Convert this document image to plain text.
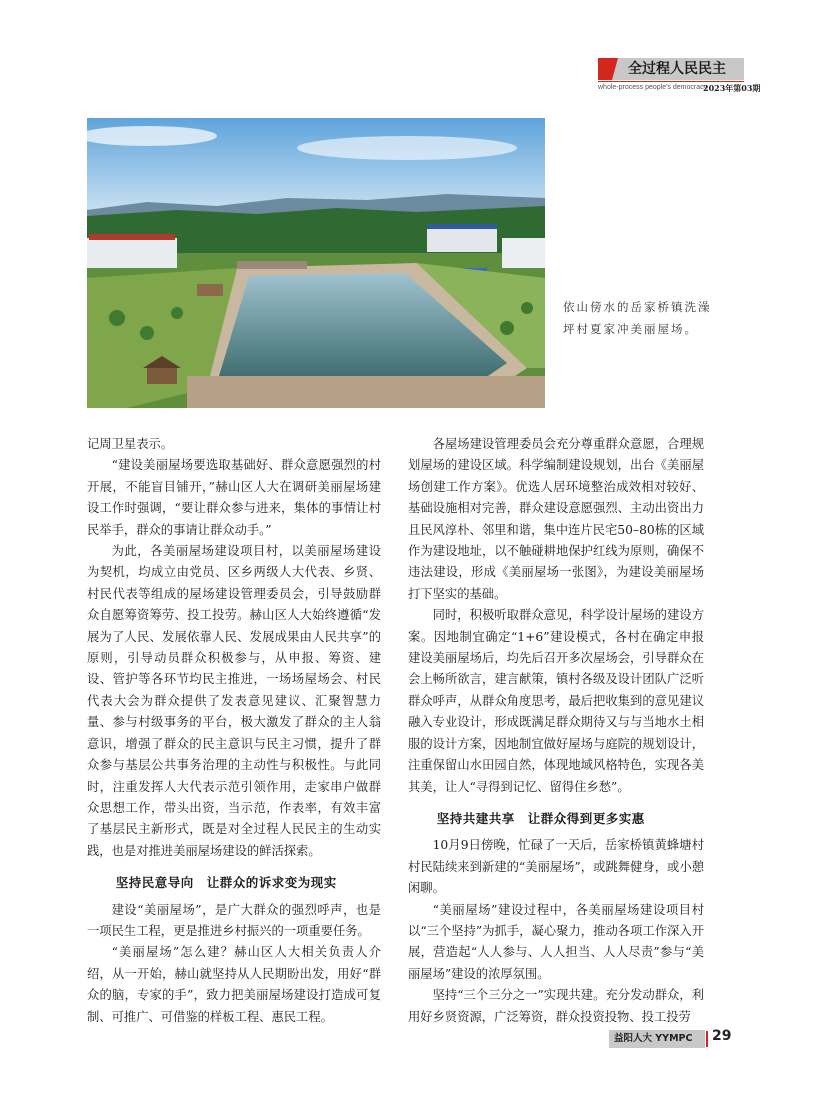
全过程人民民主
whole-process people's democracy
2023年第03期
依山傍水的岳家桥镇洗澡坪村夏家冲美丽屋场。

记周卫星表示。

“建设美丽屋场要选取基础好、群众意愿强烈的村开展，不能盲目铺开，”赫山区人大在调研美丽屋场建设工作时强调，“要让群众参与进来，集体的事情让村民举手，群众的事请让群众动手。”

为此，各美丽屋场建设项目村，以美丽屋场建设为契机，均成立由党员、区乡两级人大代表、乡贤、村民代表等组成的屋场建设管理委员会，引导鼓励群众自愿筹资筹劳、投工投劳。赫山区人大始终遵循“发展为了人民、发展依靠人民、发展成果由人民共享”的原则，引导动员群众积极参与，从申报、筹资、建设、管护等各环节均民主推进，一场场屋场会、村民代表大会为群众提供了发表意见建议、汇聚智慧力量、参与村级事务的平台，极大激发了群众的主人翁意识，增强了群众的民主意识与民主习惯，提升了群众参与基层公共事务治理的主动性与积极性。与此同时，注重发挥人大代表示范引领作用，走家串户做群众思想工作，带头出资，当示范，作表率，有效丰富了基层民主新形式，既是对全过程人民民主的生动实践，也是对推进美丽屋场建设的鲜活探索。

坚持民意导向　让群众的诉求变为现实

建设“美丽屋场”，是广大群众的强烈呼声，也是一项民生工程，更是推进乡村振兴的一项重要任务。

“美丽屋场”怎么建？赫山区人大相关负责人介绍，从一开始，赫山就坚持从人民期盼出发，用好“群众的脑，专家的手”，致力把美丽屋场建设打造成可复制、可推广、可借鉴的样板工程、惠民工程。

各屋场建设管理委员会充分尊重群众意愿，合理规划屋场的建设区域。科学编制建设规划，出台《美丽屋场创建工作方案》。优选人居环境整治成效相对较好、基础设施相对完善，群众建设意愿强烈、主动出资出力且民风淳朴、邻里和谐，集中连片民宅50–80栋的区域作为建设地址，以不触碰耕地保护红线为原则，确保不违法建设，形成《美丽屋场一张图》，为建设美丽屋场打下坚实的基础。

同时，积极听取群众意见，科学设计屋场的建设方案。因地制宜确定“1+6”建设模式，各村在确定申报建设美丽屋场后，均先后召开多次屋场会，引导群众在会上畅所欲言，建言献策，镇村各级及设计团队广泛听群众呼声，从群众角度思考，最后把收集到的意见建议融入专业设计，形成既满足群众期待又与与当地水土相服的设计方案，因地制宜做好屋场与庭院的规划设计，注重保留山水田园自然，体现地域风格特色，实现各美其美，让人“寻得到记忆、留得住乡愁”。

坚持共建共享　让群众得到更多实惠

10月9日傍晚，忙碌了一天后，岳家桥镇黄蜂塘村村民陆续来到新建的“美丽屋场”，或跳舞健身，或小憩闲聊。

“美丽屋场”建设过程中，各美丽屋场建设项目村以“三个坚持”为抓手，凝心聚力，推动各项工作深入开展，营造起“人人参与、人人担当、人人尽责”参与“美丽屋场”建设的浓厚氛围。

坚持“三个三分之一”实现共建。充分发动群众，利用好乡贤资源，广泛筹资，群众投资投物、投工投劳

益阳人大 YYMPC 29
